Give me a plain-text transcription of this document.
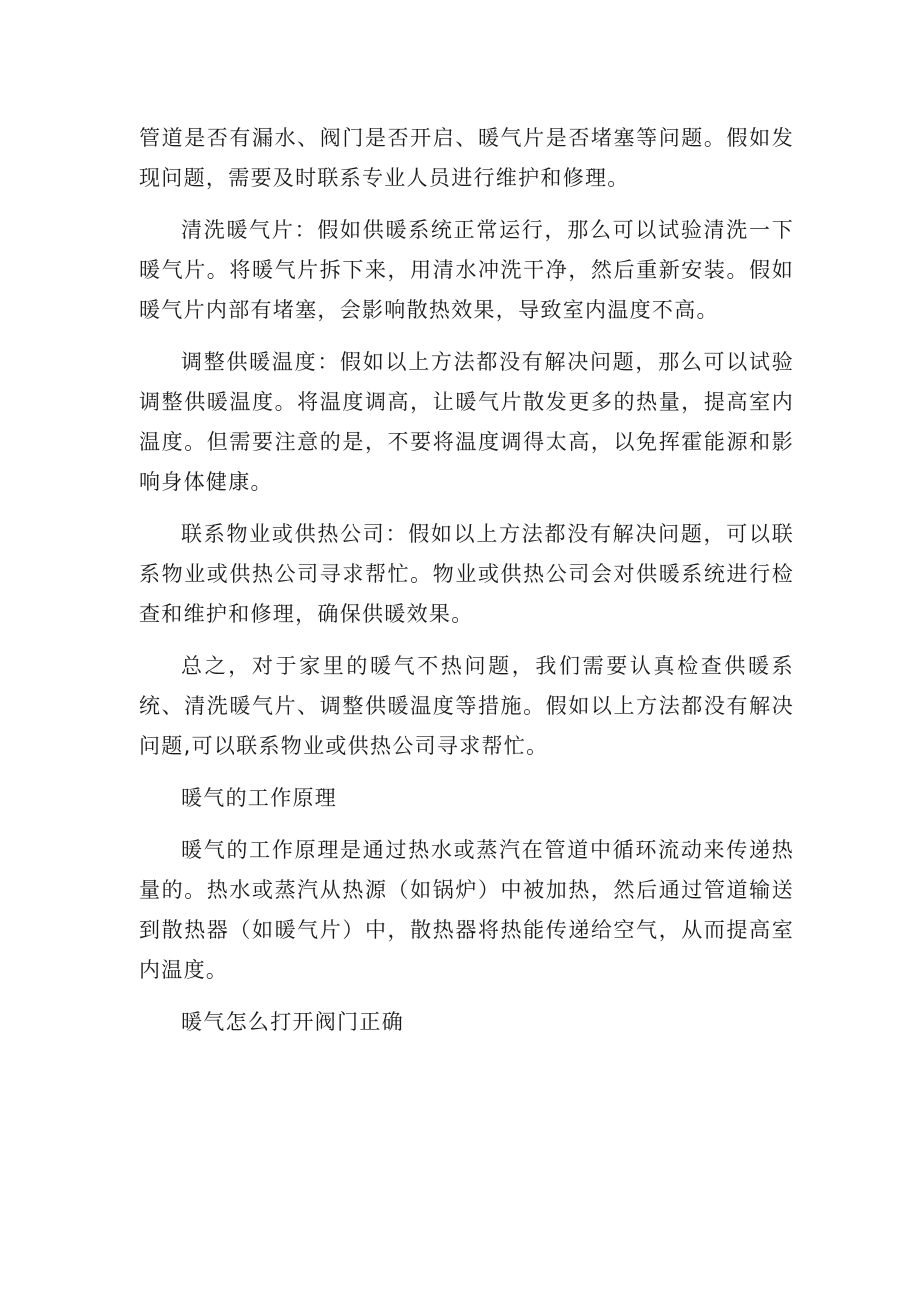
管道是否有漏水、阀门是否开启、暖气片是否堵塞等问题。假如发现问题，需要及时联系专业人员进行维护和修理。

清洗暖气片：假如供暖系统正常运行，那么可以试验清洗一下暖气片。将暖气片拆下来，用清水冲洗干净，然后重新安装。假如暖气片内部有堵塞，会影响散热效果，导致室内温度不高。

调整供暖温度：假如以上方法都没有解决问题，那么可以试验调整供暖温度。将温度调高，让暖气片散发更多的热量，提高室内温度。但需要注意的是，不要将温度调得太高，以免挥霍能源和影响身体健康。

联系物业或供热公司：假如以上方法都没有解决问题，可以联系物业或供热公司寻求帮忙。物业或供热公司会对供暖系统进行检查和维护和修理，确保供暖效果。

总之，对于家里的暖气不热问题，我们需要认真检查供暖系统、清洗暖气片、调整供暖温度等措施。假如以上方法都没有解决问题,可以联系物业或供热公司寻求帮忙。

暖气的工作原理

暖气的工作原理是通过热水或蒸汽在管道中循环流动来传递热量的。热水或蒸汽从热源（如锅炉）中被加热，然后通过管道输送到散热器（如暖气片）中，散热器将热能传递给空气，从而提高室内温度。

暖气怎么打开阀门正确
